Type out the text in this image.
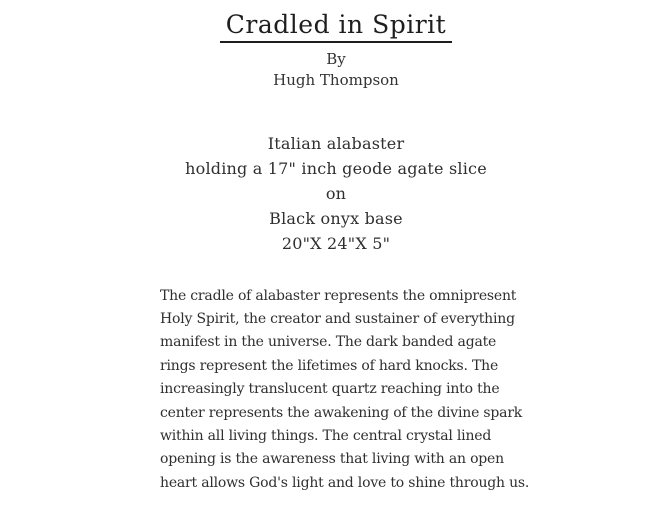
Cradled in Spirit
By
Hugh Thompson
Italian alabaster
holding a 17" inch geode agate slice
on
Black onyx base
20"X 24"X 5"
The cradle of alabaster represents the omnipresent
Holy Spirit, the creator and sustainer of everything
manifest in the universe. The dark banded agate
rings represent the lifetimes of hard knocks. The
increasingly translucent quartz reaching into the
center represents the awakening of the divine spark
within all living things. The central crystal lined
opening is the awareness that living with an open
heart allows God's light and love to shine through us.
